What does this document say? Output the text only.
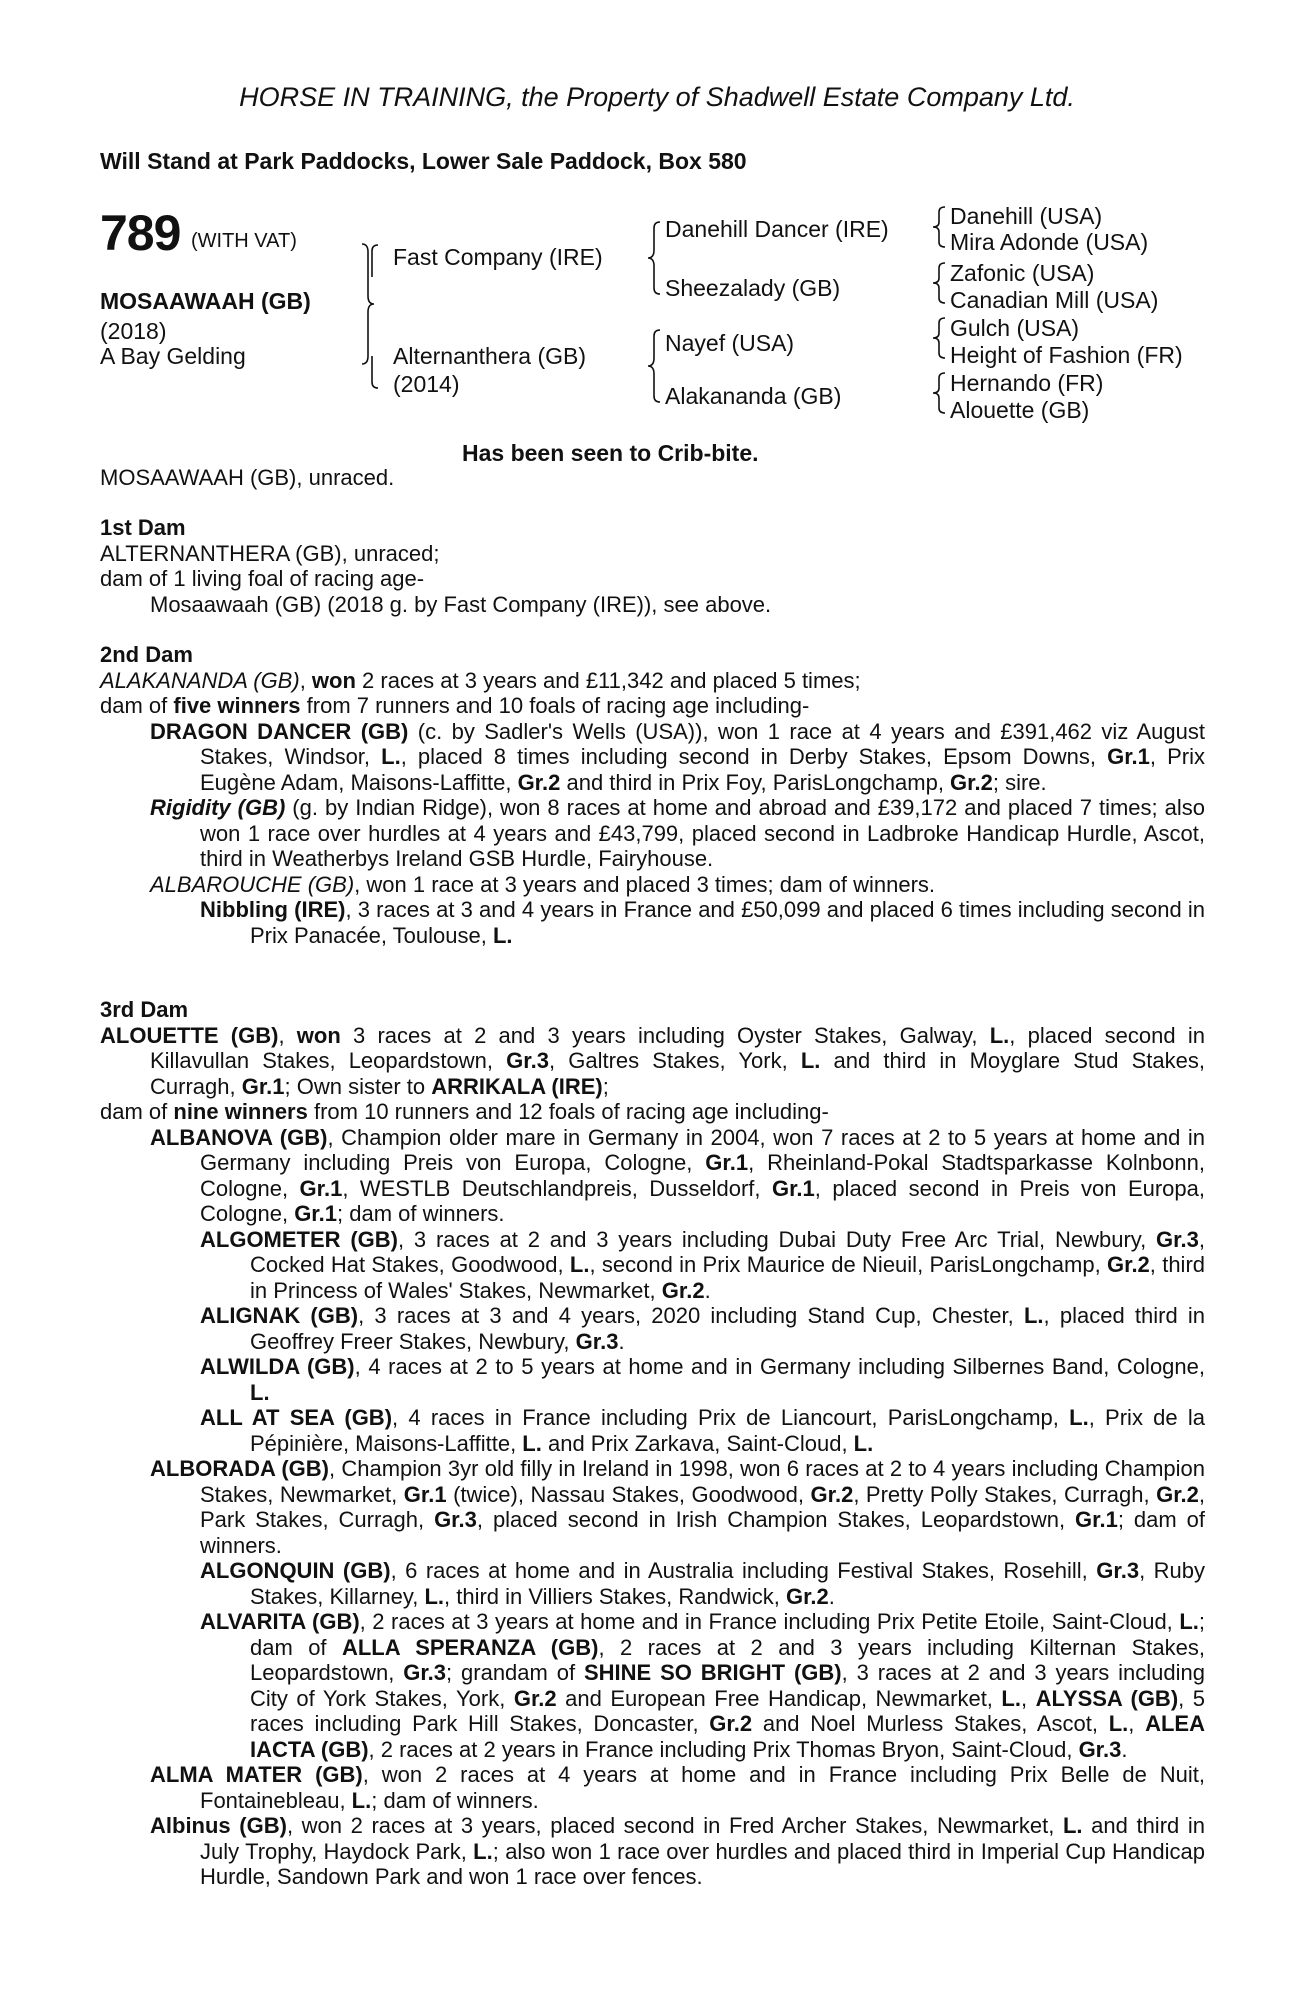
HORSE IN TRAINING, the Property of Shadwell Estate Company Ltd.
Will Stand at Park Paddocks, Lower Sale Paddock, Box 580
789 (WITH VAT)
MOSAAWAAH (GB)
(2018)
A Bay Gelding
Fast Company (IRE)
Alternanthera (GB)
(2014)
Danehill Dancer (IRE)
Sheezalady (GB)
Nayef (USA)
Alakananda (GB)
Danehill (USA)
Mira Adonde (USA)
Zafonic (USA)
Canadian Mill (USA)
Gulch (USA)
Height of Fashion (FR)
Hernando (FR)
Alouette (GB)
Has been seen to Crib-bite.
MOSAAWAAH (GB), unraced.

1st Dam

ALTERNANTHERA (GB), unraced;

dam of 1 living foal of racing age-

Mosaawaah (GB) (2018 g. by Fast Company (IRE)), see above.

2nd Dam

ALAKANANDA (GB), won 2 races at 3 years and £11,342 and placed 5 times;

dam of five winners from 7 runners and 10 foals of racing age including-

DRAGON DANCER (GB) (c. by Sadler's Wells (USA)), won 1 race at 4 years and £391,462 viz August Stakes, Windsor, L., placed 8 times including second in Derby Stakes, Epsom Downs, Gr.1, Prix Eugène Adam, Maisons-Laffitte, Gr.2 and third in Prix Foy, ParisLongchamp, Gr.2; sire.

Rigidity (GB) (g. by Indian Ridge), won 8 races at home and abroad and £39,172 and placed 7 times; also won 1 race over hurdles at 4 years and £43,799, placed second in Ladbroke Handicap Hurdle, Ascot, third in Weatherbys Ireland GSB Hurdle, Fairyhouse.

ALBAROUCHE (GB), won 1 race at 3 years and placed 3 times; dam of winners.

Nibbling (IRE), 3 races at 3 and 4 years in France and £50,099 and placed 6 times including second in Prix Panacée, Toulouse, L.

3rd Dam

ALOUETTE (GB), won 3 races at 2 and 3 years including Oyster Stakes, Galway, L., placed second in Killavullan Stakes, Leopardstown, Gr.3, Galtres Stakes, York, L. and third in Moyglare Stud Stakes, Curragh, Gr.1; Own sister to ARRIKALA (IRE);

dam of nine winners from 10 runners and 12 foals of racing age including-

ALBANOVA (GB), Champion older mare in Germany in 2004, won 7 races at 2 to 5 years at home and in Germany including Preis von Europa, Cologne, Gr.1, Rheinland-Pokal Stadtsparkasse Kolnbonn, Cologne, Gr.1, WESTLB Deutschlandpreis, Dusseldorf, Gr.1, placed second in Preis von Europa, Cologne, Gr.1; dam of winners.

ALGOMETER (GB), 3 races at 2 and 3 years including Dubai Duty Free Arc Trial, Newbury, Gr.3, Cocked Hat Stakes, Goodwood, L., second in Prix Maurice de Nieuil, ParisLongchamp, Gr.2, third in Princess of Wales' Stakes, Newmarket, Gr.2.

ALIGNAK (GB), 3 races at 3 and 4 years, 2020 including Stand Cup, Chester, L., placed third in Geoffrey Freer Stakes, Newbury, Gr.3.

ALWILDA (GB), 4 races at 2 to 5 years at home and in Germany including Silbernes Band, Cologne, L.

ALL AT SEA (GB), 4 races in France including Prix de Liancourt, ParisLongchamp, L., Prix de la Pépinière, Maisons-Laffitte, L. and Prix Zarkava, Saint-Cloud, L.

ALBORADA (GB), Champion 3yr old filly in Ireland in 1998, won 6 races at 2 to 4 years including Champion Stakes, Newmarket, Gr.1 (twice), Nassau Stakes, Goodwood, Gr.2, Pretty Polly Stakes, Curragh, Gr.2, Park Stakes, Curragh, Gr.3, placed second in Irish Champion Stakes, Leopardstown, Gr.1; dam of winners.

ALGONQUIN (GB), 6 races at home and in Australia including Festival Stakes, Rosehill, Gr.3, Ruby Stakes, Killarney, L., third in Villiers Stakes, Randwick, Gr.2.

ALVARITA (GB), 2 races at 3 years at home and in France including Prix Petite Etoile, Saint-Cloud, L.; dam of ALLA SPERANZA (GB), 2 races at 2 and 3 years including Kilternan Stakes, Leopardstown, Gr.3; grandam of SHINE SO BRIGHT (GB), 3 races at 2 and 3 years including City of York Stakes, York, Gr.2 and European Free Handicap, Newmarket, L., ALYSSA (GB), 5 races including Park Hill Stakes, Doncaster, Gr.2 and Noel Murless Stakes, Ascot, L., ALEA IACTA (GB), 2 races at 2 years in France including Prix Thomas Bryon, Saint-Cloud, Gr.3.

ALMA MATER (GB), won 2 races at 4 years at home and in France including Prix Belle de Nuit, Fontainebleau, L.; dam of winners.

Albinus (GB), won 2 races at 3 years, placed second in Fred Archer Stakes, Newmarket, L. and third in July Trophy, Haydock Park, L.; also won 1 race over hurdles and placed third in Imperial Cup Handicap Hurdle, Sandown Park and won 1 race over fences.
